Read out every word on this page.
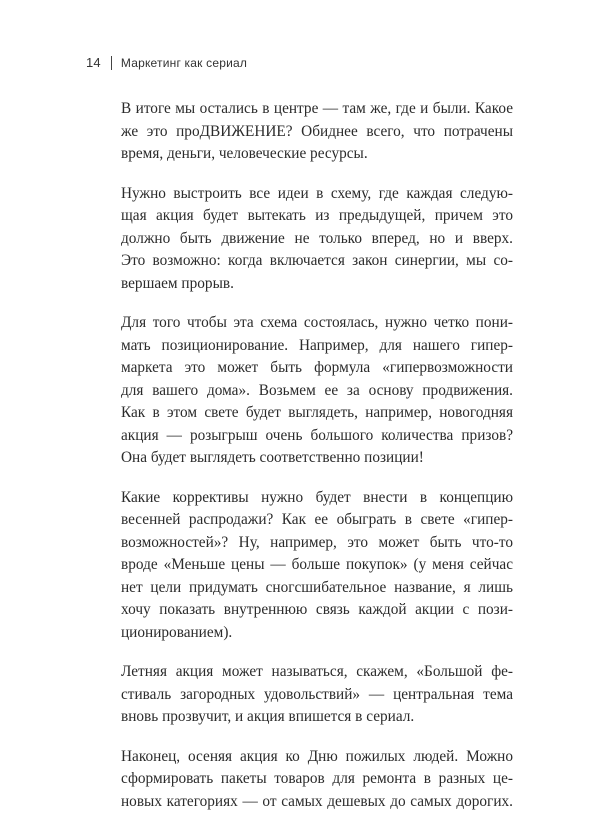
14 Маркетинг как сериал

В итоге мы остались в центре — там же, где и были. Какое
же это проДВИЖЕНИЕ? Обиднее всего, что потрачены
время, деньги, человеческие ресурсы.

Нужно выстроить все идеи в схему, где каждая следую-
щая акция будет вытекать из предыдущей, причем это
должно быть движение не только вперед, но и вверх.
Это возможно: когда включается закон синергии, мы со-
вершаем прорыв.

Для того чтобы эта схема состоялась, нужно четко пони-
мать позиционирование. Например, для нашего гипер-
маркета это может быть формула «гипервозможности
для вашего дома». Возьмем ее за основу продвижения.
Как в этом свете будет выглядеть, например, новогодняя
акция — розыгрыш очень большого количества призов?
Она будет выглядеть соответственно позиции!

Какие коррективы нужно будет внести в концепцию
весенней распродажи? Как ее обыграть в свете «гипер-
возможностей»? Ну, например, это может быть что-то
вроде «Меньше цены — больше покупок» (у меня сейчас
нет цели придумать сногсшибательное название, я лишь
хочу показать внутреннюю связь каждой акции с пози-
ционированием).

Летняя акция может называться, скажем, «Большой фе-
стиваль загородных удовольствий» — центральная тема
вновь прозвучит, и акция впишется в сериал.

Наконец, осеняя акция ко Дню пожилых людей. Можно
сформировать пакеты товаров для ремонта в разных це-
новых категориях — от самых дешевых до самых дорогих.
